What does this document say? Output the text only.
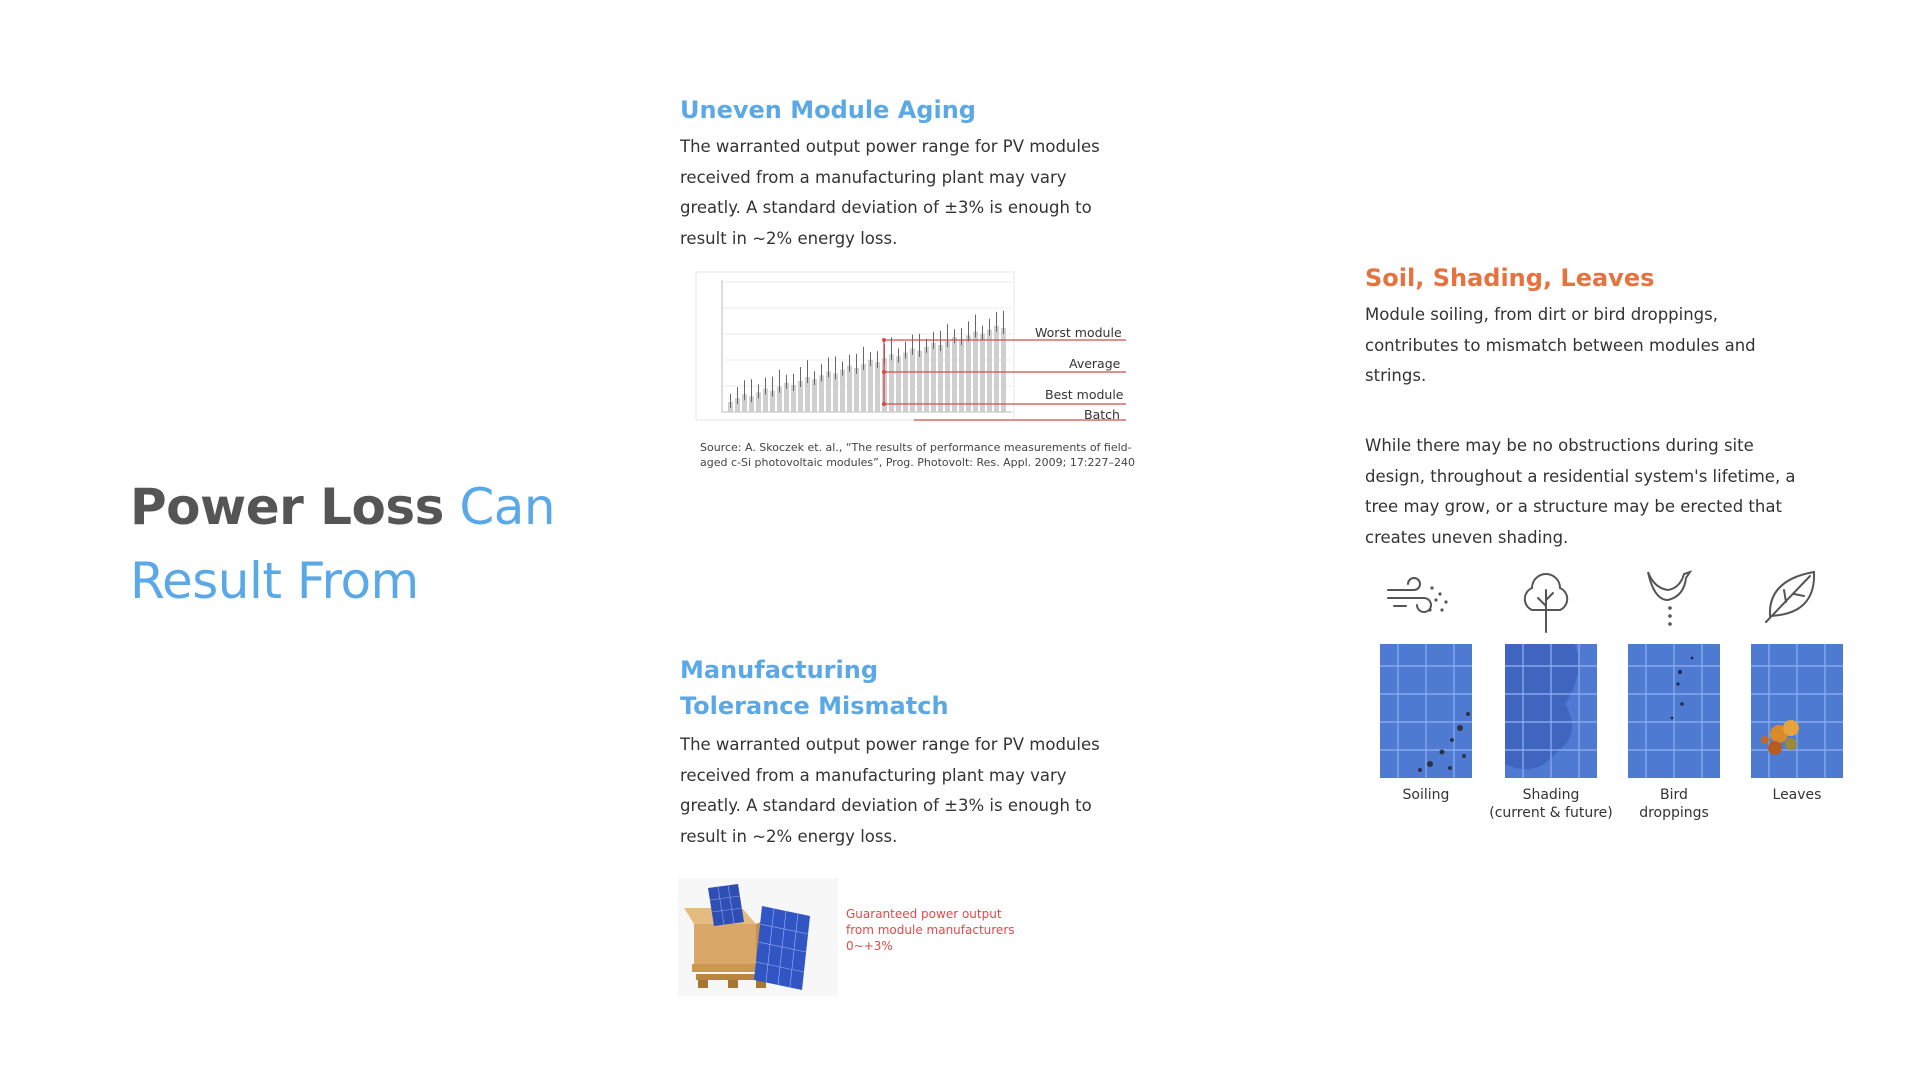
Power Loss Can
Result From
Uneven Module Aging
The warranted output power range for PV modules
received from a manufacturing plant may vary
greatly. A standard deviation of ±3% is enough to
result in ~2% energy loss.
Worst module
Average
Best module
Batch
Source: A. Skoczek et. al., “The results of performance measurements of field-
aged c-Si photovoltaic modules”, Prog. Photovolt: Res. Appl. 2009; 17:227–240
Manufacturing
Tolerance Mismatch
The warranted output power range for PV modules
received from a manufacturing plant may vary
greatly. A standard deviation of ±3% is enough to
result in ~2% energy loss.
Guaranteed power output
from module manufacturers
0~+3%
Soil, Shading, Leaves
Module soiling, from dirt or bird droppings,
contributes to mismatch between modules and
strings.
While there may be no obstructions during site
design, throughout a residential system's lifetime, a
tree may grow, or a structure may be erected that
creates uneven shading.
Soiling	Shading
(current & future)
Bird
droppings
Leaves
